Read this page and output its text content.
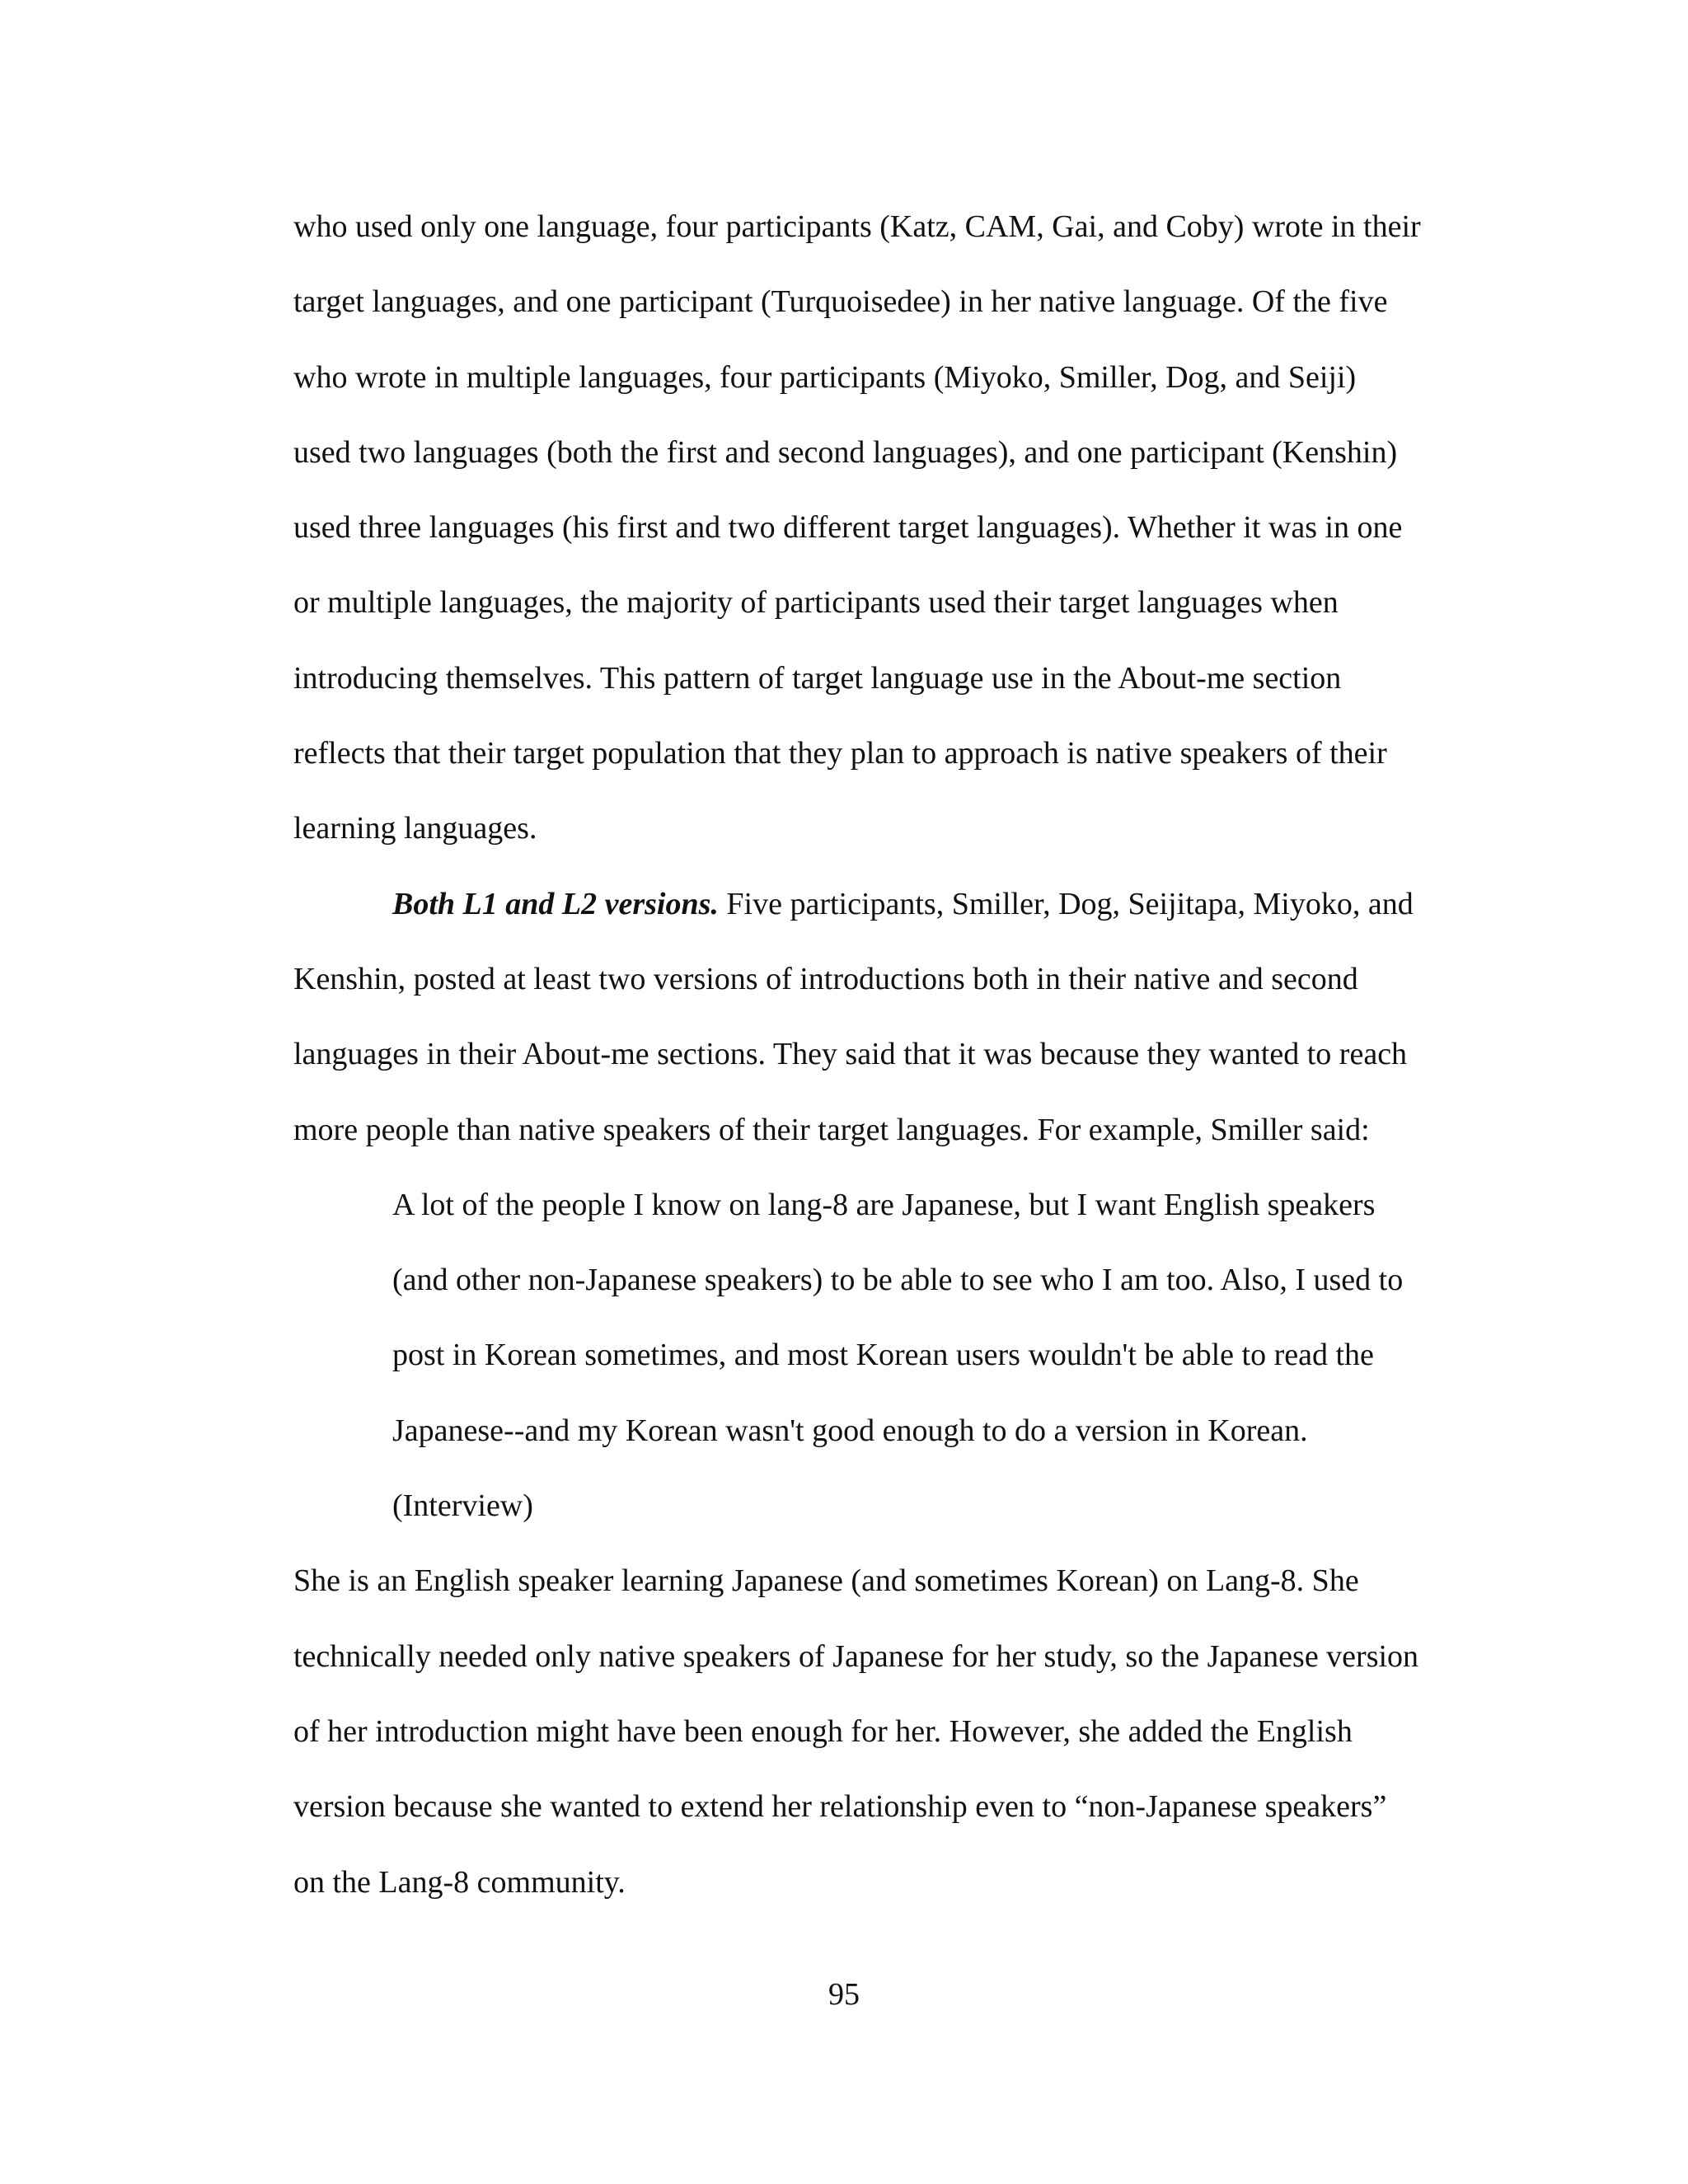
who used only one language, four participants (Katz, CAM, Gai, and Coby) wrote in their
target languages, and one participant (Turquoisedee) in her native language. Of the five
who wrote in multiple languages, four participants (Miyoko, Smiller, Dog, and Seiji)
used two languages (both the first and second languages), and one participant (Kenshin)
used three languages (his first and two different target languages). Whether it was in one
or multiple languages, the majority of participants used their target languages when
introducing themselves. This pattern of target language use in the About-me section
reflects that their target population that they plan to approach is native speakers of their
learning languages.
Both L1 and L2 versions. Five participants, Smiller, Dog, Seijitapa, Miyoko, and
Kenshin, posted at least two versions of introductions both in their native and second
languages in their About-me sections. They said that it was because they wanted to reach
more people than native speakers of their target languages. For example, Smiller said:
A lot of the people I know on lang-8 are Japanese, but I want English speakers
(and other non-Japanese speakers) to be able to see who I am too. Also, I used to
post in Korean sometimes, and most Korean users wouldn't be able to read the
Japanese--and my Korean wasn't good enough to do a version in Korean.
(Interview)
She is an English speaker learning Japanese (and sometimes Korean) on Lang-8. She
technically needed only native speakers of Japanese for her study, so the Japanese version
of her introduction might have been enough for her. However, she added the English
version because she wanted to extend her relationship even to “non-Japanese speakers”
on the Lang-8 community.
95
